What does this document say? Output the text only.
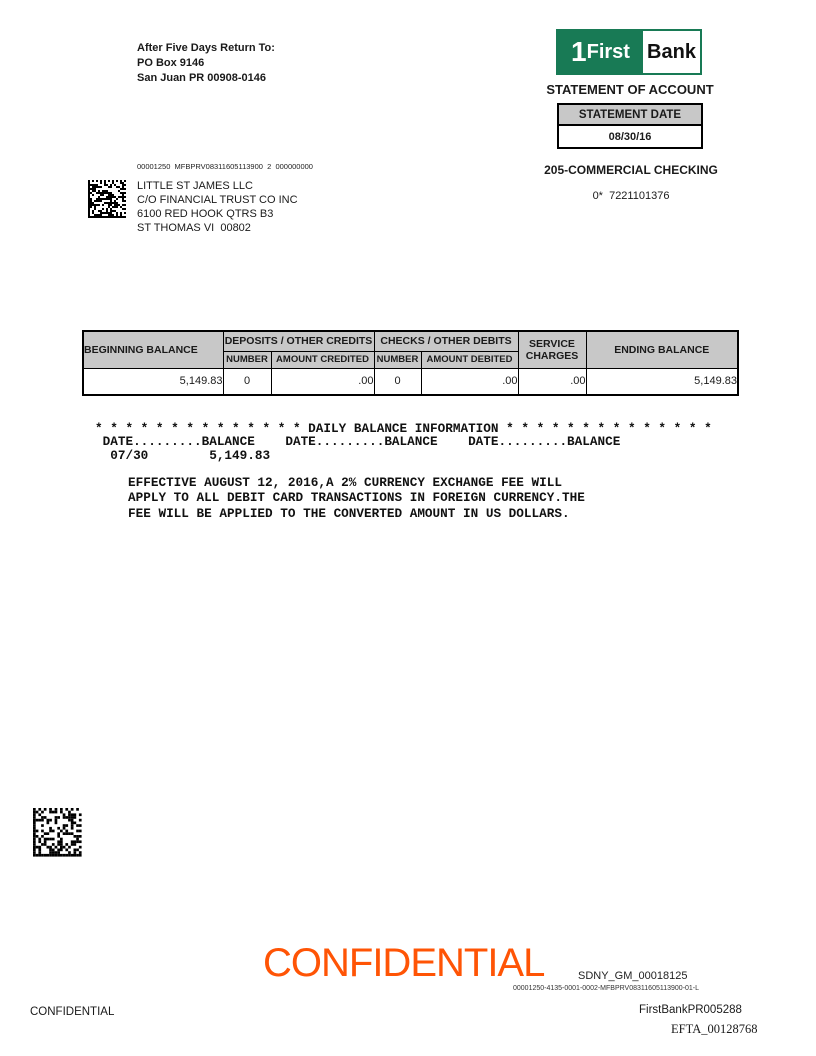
After Five Days Return To:
PO Box 9146
San Juan PR 00908-0146
1 First Bank
STATEMENT OF ACCOUNT
STATEMENT DATE
08/30/16
00001250  MFBPRV08311605113900  2  000000000
LITTLE ST JAMES LLC
C/O FINANCIAL TRUST CO INC
6100 RED HOOK QTRS B3
ST THOMAS VI  00802
205-COMMERCIAL CHECKING
0*  7221101376
BEGINNING BALANCE	DEPOSITS / OTHER CREDITS		CHECKS / OTHER DEBITS		SERVICE CHARGES	ENDING BALANCE
	NUMBER	AMOUNT CREDITED	NUMBER	AMOUNT DEBITED		
5,149.83	0	.00	0	.00	.00	5,149.83
* * * * * * * * * * * * * * DAILY BALANCE INFORMATION * * * * * * * * * * * * * *
DATE.........BALANCE    DATE.........BALANCE    DATE.........BALANCE
07/30        5,149.83
EFFECTIVE AUGUST 12, 2016,A 2% CURRENCY EXCHANGE FEE WILL
APPLY TO ALL DEBIT CARD TRANSACTIONS IN FOREIGN CURRENCY.THE
FEE WILL BE APPLIED TO THE CONVERTED AMOUNT IN US DOLLARS.
CONFIDENTIAL	SDNY_GM_00018125
00001250-4135-0001-0002-MFBPRV08311605113900-01-L
CONFIDENTIAL	FirstBankPR005288
EFTA_00128768
